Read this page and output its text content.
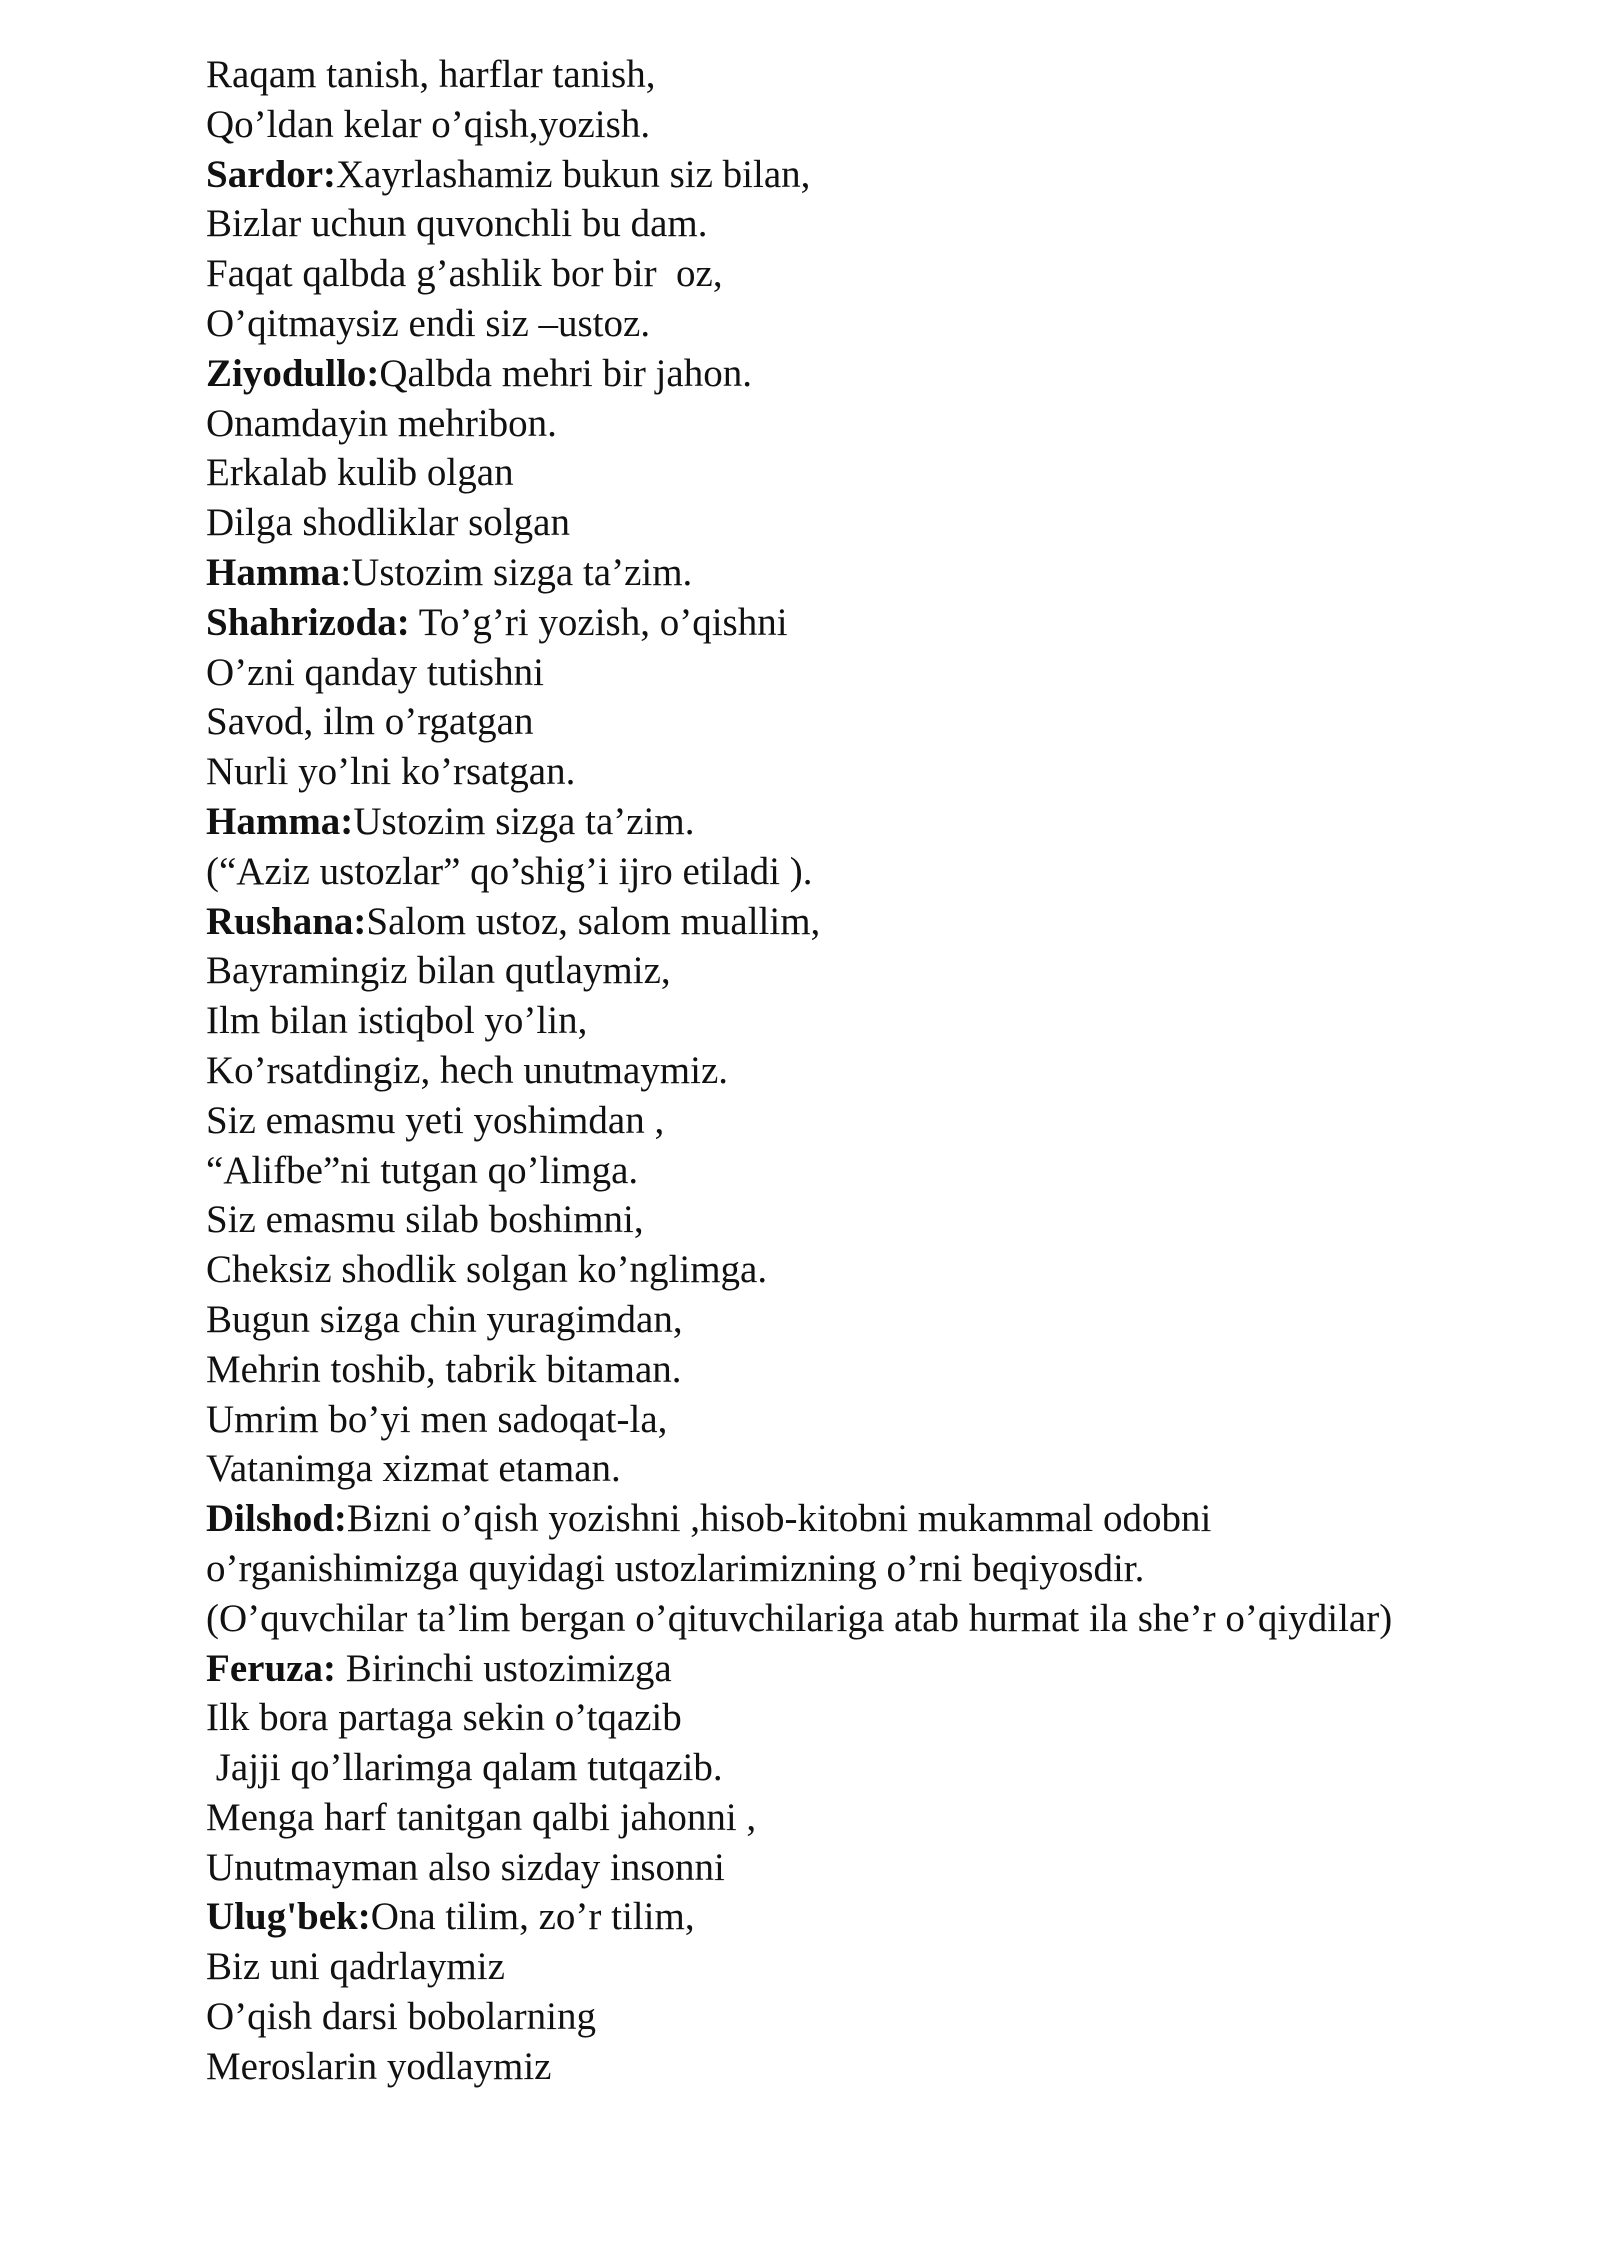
Raqam tanish, harflar tanish,
Qo’ldan kelar o’qish,yozish.
Sardor:Xayrlashamiz bukun siz bilan,
Bizlar uchun quvonchli bu dam.
Faqat qalbda g’ashlik bor bir  oz,
O’qitmaysiz endi siz –ustoz.
Ziyodullo:Qalbda mehri bir jahon.
Onamdayin mehribon.
Erkalab kulib olgan
Dilga shodliklar solgan
Hamma:Ustozim sizga ta’zim.
Shahrizoda: To’g’ri yozish, o’qishni
O’zni qanday tutishni
Savod, ilm o’rgatgan
Nurli yo’lni ko’rsatgan.
Hamma:Ustozim sizga ta’zim.
(“Aziz ustozlar” qo’shig’i ijro etiladi ).
Rushana:Salom ustoz, salom muallim,
Bayramingiz bilan qutlaymiz,
Ilm bilan istiqbol yo’lin,
Ko’rsatdingiz, hech unutmaymiz.
Siz emasmu yeti yoshimdan ,
“Alifbe”ni tutgan qo’limga.
Siz emasmu silab boshimni,
Cheksiz shodlik solgan ko’nglimga.
Bugun sizga chin yuragimdan,
Mehrin toshib, tabrik bitaman.
Umrim bo’yi men sadoqat-la,
Vatanimga xizmat etaman.
Dilshod:Bizni o’qish yozishni ,hisob-kitobni mukammal odobni
o’rganishimizga quyidagi ustozlarimizning o’rni beqiyosdir.
(O’quvchilar ta’lim bergan o’qituvchilariga atab hurmat ila she’r o’qiydilar)
Feruza: Birinchi ustozimizga
Ilk bora partaga sekin o’tqazib
Jajji qo’llarimga qalam tutqazib.
Menga harf tanitgan qalbi jahonni ,
Unutmayman also sizday insonni
Ulug'bek:Ona tilim, zo’r tilim,
Biz uni qadrlaymiz
O’qish darsi bobolarning
Meroslarin yodlaymiz
